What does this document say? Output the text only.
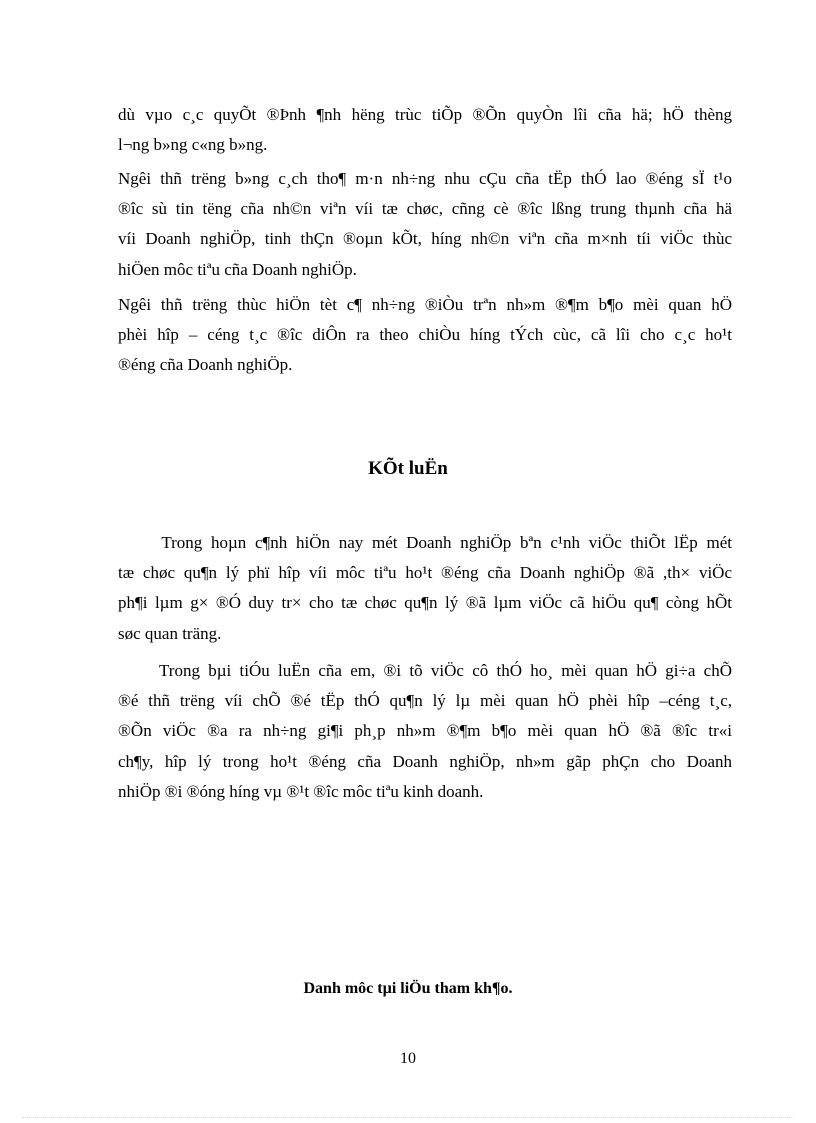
dù vµo c¸c quyÕt ®Þnh ¶nh hëng trùc tiÕp ®Õn quyÒn lîi cña hä; hÖ thèng
l¬ng b»ng c«ng b»ng.
Ngêi thñ trëng b»ng c¸ch tho¶ m·n nh÷ng nhu cÇu cña tËp thÓ lao ®éng sÏ t¹o
®îc sù tin tëng cña nh©n viªn víi tæ chøc, cñng cè ®îc lßng trung thµnh cña hä
víi Doanh nghiÖp, tinh thÇn ®oµn kÕt, híng nh©n viªn cña m×nh tíi viÖc thùc
hiÖen môc tiªu cña Doanh nghiÖp.
Ngêi thñ trëng thùc hiÖn tèt c¶ nh÷ng ®iÒu trªn nh»m ®¶m b¶o mèi quan hÖ
phèi hîp – céng t¸c ®îc diÔn ra theo chiÒu híng tÝch cùc, cã lîi cho c¸c ho¹t
®éng cña Doanh nghiÖp.
KÕt luËn
Trong hoµn c¶nh hiÖn nay mét Doanh nghiÖp bªn c¹nh viÖc thiÕt lËp mét
tæ chøc qu¶n lý phï hîp víi môc tiªu ho¹t ®éng cña Doanh nghiÖp ®ã ,th× viÖc
ph¶i lµm g× ®Ó duy tr× cho tæ chøc qu¶n lý ®ã lµm viÖc cã hiÖu qu¶ còng hÕt
søc quan träng.
Trong bµi tiÓu luËn cña em, ®i tõ viÖc cô thÓ ho¸ mèi quan hÖ gi÷a chÕ
®é thñ trëng víi chÕ ®é tËp thÓ qu¶n lý lµ mèi quan hÖ phèi hîp –céng t¸c,
®Õn viÖc ®a ra nh÷ng gi¶i ph¸p nh»m ®¶m b¶o mèi quan hÖ ®ã ®îc tr«i
ch¶y, hîp lý trong ho¹t ®éng cña Doanh nghiÖp, nh»m gãp phÇn cho Doanh
nhiÖp ®i ®óng híng vµ ®¹t ®îc môc tiªu kinh doanh.
Danh môc tµi liÖu tham kh¶o.
10
